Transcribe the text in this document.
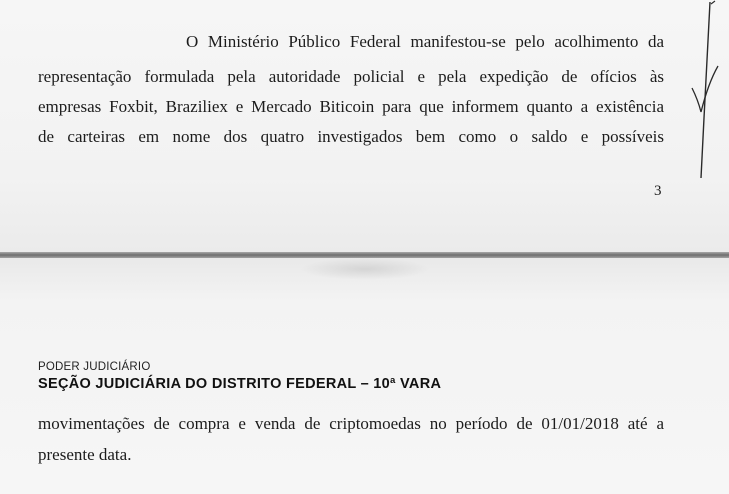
O Ministério Público Federal manifestou-se pelo acolhimento da
representação formulada pela autoridade policial e pela expedição de ofícios às
empresas Foxbit, Braziliex e Mercado Biticoin para que informem quanto a existência
de carteiras em nome dos quatro investigados bem como o saldo e possíveis
3
PODER JUDICIÁRIO
SEÇÃO JUDICIÁRIA DO DISTRITO FEDERAL – 10ª VARA
movimentações de compra e venda de criptomoedas no período de 01/01/2018 até a
presente data.
